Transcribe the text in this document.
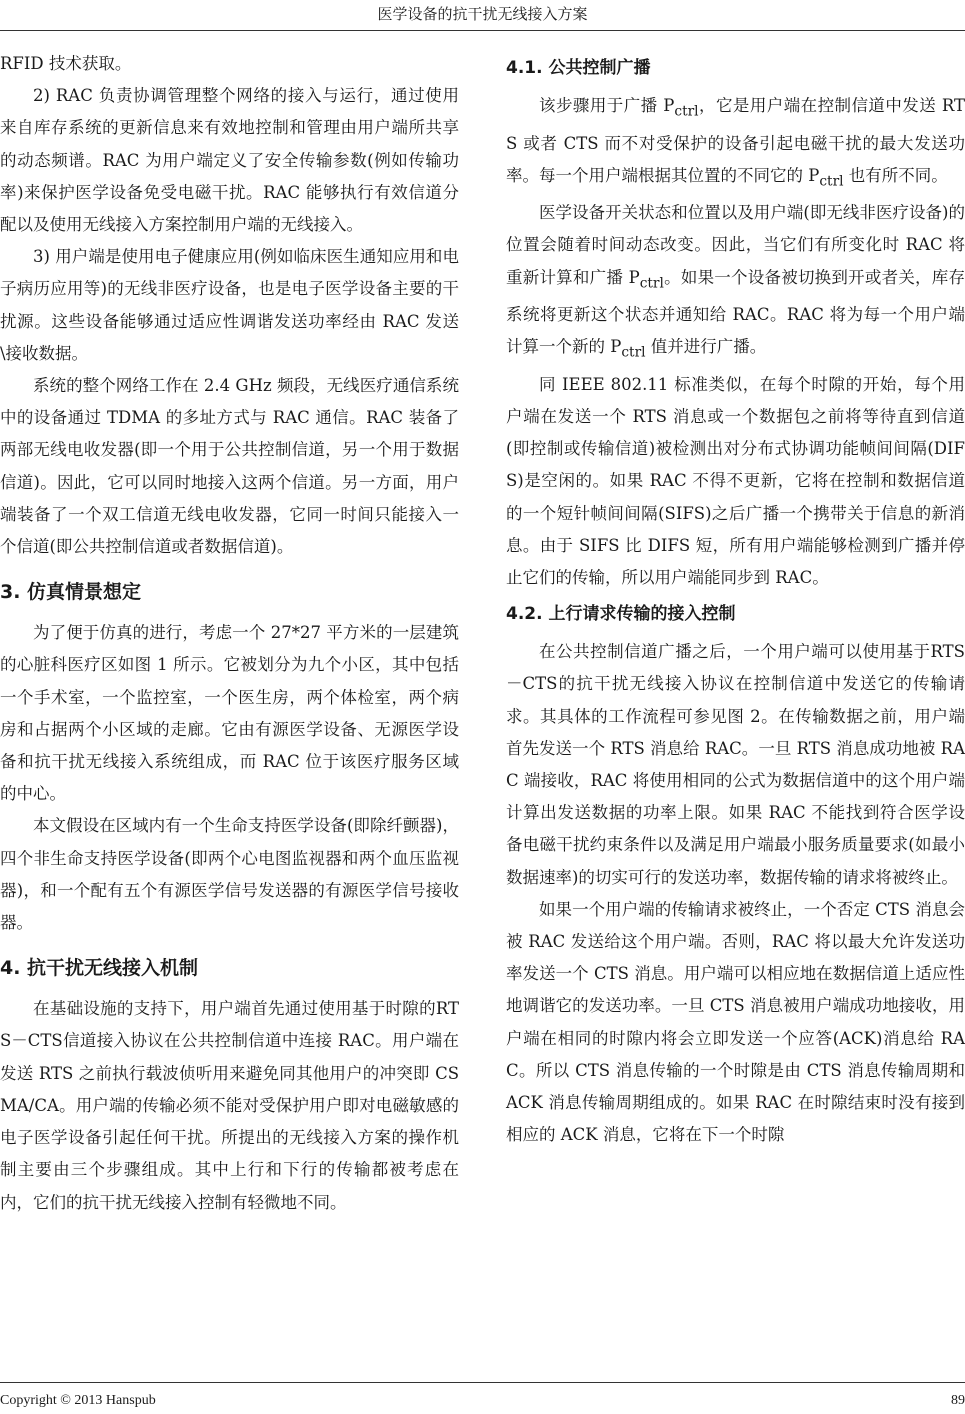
医学设备的抗干扰无线接入方案

RFID 技术获取。

2) RAC 负责协调管理整个网络的接入与运行，通过使用来自库存系统的更新信息来有效地控制和管理由用户端所共享的动态频谱。RAC 为用户端定义了安全传输参数(例如传输功率)来保护医学设备免受电磁干扰。RAC 能够执行有效信道分配以及使用无线接入方案控制用户端的无线接入。

3) 用户端是使用电子健康应用(例如临床医生通知应用和电子病历应用等)的无线非医疗设备，也是电子医学设备主要的干扰源。这些设备能够通过适应性调谐发送功率经由 RAC 发送\接收数据。

系统的整个网络工作在 2.4 GHz 频段，无线医疗通信系统中的设备通过 TDMA 的多址方式与 RAC 通信。RAC 装备了两部无线电收发器(即一个用于公共控制信道，另一个用于数据信道)。因此，它可以同时地接入这两个信道。另一方面，用户端装备了一个双工信道无线电收发器，它同一时间只能接入一个信道(即公共控制信道或者数据信道)。

3. 仿真情景想定

为了便于仿真的进行，考虑一个 27*27 平方米的一层建筑的心脏科医疗区如图 1 所示。它被划分为九个小区，其中包括一个手术室，一个监控室，一个医生房，两个体检室，两个病房和占据两个小区域的走廊。它由有源医学设备、无源医学设备和抗干扰无线接入系统组成，而 RAC 位于该医疗服务区域的中心。

本文假设在区域内有一个生命支持医学设备(即除纤颤器)，四个非生命支持医学设备(即两个心电图监视器和两个血压监视器)，和一个配有五个有源医学信号发送器的有源医学信号接收器。

4. 抗干扰无线接入机制

在基础设施的支持下，用户端首先通过使用基于时隙的RTS－CTS信道接入协议在公共控制信道中连接 RAC。用户端在发送 RTS 之前执行载波侦听用来避免同其他用户的冲突即 CSMA/CA。用户端的传输必须不能对受保护用户即对电磁敏感的电子医学设备引起任何干扰。所提出的无线接入方案的操作机制主要由三个步骤组成。其中上行和下行的传输都被考虑在内，它们的抗干扰无线接入控制有轻微地不同。

4.1. 公共控制广播

该步骤用于广播 $P_{ctrl}$，它是用户端在控制信道中发送 RTS 或者 CTS 而不对受保护的设备引起电磁干扰的最大发送功率。每一个用户端根据其位置的不同它的 $P_{ctrl}$ 也有所不同。

医学设备开关状态和位置以及用户端(即无线非医疗设备)的位置会随着时间动态改变。因此，当它们有所变化时 RAC 将重新计算和广播 $P_{ctrl}$。如果一个设备被切换到开或者关，库存系统将更新这个状态并通知给 RAC。RAC 将为每一个用户端计算一个新的 $P_{ctrl}$ 值并进行广播。

同 IEEE 802.11 标准类似，在每个时隙的开始，每个用户端在发送一个 RTS 消息或一个数据包之前将等待直到信道(即控制或传输信道)被检测出对分布式协调功能帧间间隔(DIFS)是空闲的。如果 RAC 不得不更新，它将在控制和数据信道的一个短针帧间间隔(SIFS)之后广播一个携带关于信息的新消息。由于 SIFS 比 DIFS 短，所有用户端能够检测到广播并停止它们的传输，所以用户端能同步到 RAC。

4.2. 上行请求传输的接入控制

在公共控制信道广播之后，一个用户端可以使用基于RTS－CTS的抗干扰无线接入协议在控制信道中发送它的传输请求。其具体的工作流程可参见图 2。在传输数据之前，用户端首先发送一个 RTS 消息给 RAC。一旦 RTS 消息成功地被 RAC 端接收，RAC 将使用相同的公式为数据信道中的这个用户端计算出发送数据的功率上限。如果 RAC 不能找到符合医学设备电磁干扰约束条件以及满足用户端最小服务质量要求(如最小数据速率)的切实可行的发送功率，数据传输的请求将被终止。

如果一个用户端的传输请求被终止，一个否定 CTS 消息会被 RAC 发送给这个用户端。否则，RAC 将以最大允许发送功率发送一个 CTS 消息。用户端可以相应地在数据信道上适应性地调谐它的发送功率。一旦 CTS 消息被用户端成功地接收，用户端在相同的时隙内将会立即发送一个应答(ACK)消息给 RAC。所以 CTS 消息传输的一个时隙是由 CTS 消息传输周期和 ACK 消息传输周期组成的。如果 RAC 在时隙结束时没有接到相应的 ACK 消息，它将在下一个时隙

Copyright © 2013 Hanspub	89
